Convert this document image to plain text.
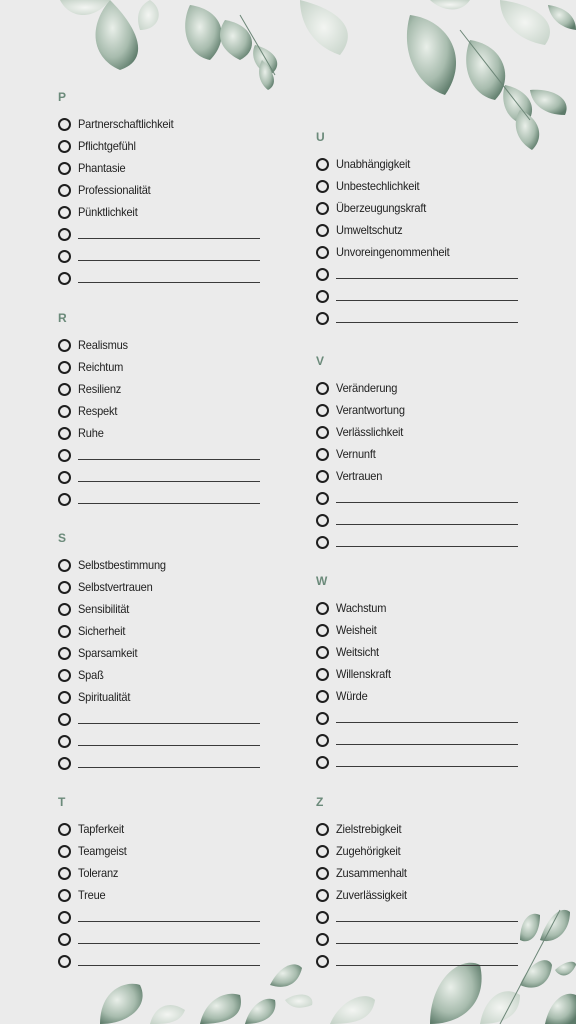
P
Partnerschaftlichkeit
Pflichtgefühl
Phantasie
Professionalität
Pünktlichkeit
R
Realismus
Reichtum
Resilienz
Respekt
Ruhe
S
Selbstbestimmung
Selbstvertrauen
Sensibilität
Sicherheit
Sparsamkeit
Spaß
Spiritualität
T
Tapferkeit
Teamgeist
Toleranz
Treue
U
Unabhängigkeit
Unbestechlichkeit
Überzeugungskraft
Umweltschutz
Unvoreingenommenheit
V
Veränderung
Verantwortung
Verlässlichkeit
Vernunft
Vertrauen
W
Wachstum
Weisheit
Weitsicht
Willenskraft
Würde
Z
Zielstrebigkeit
Zugehörigkeit
Zusammenhalt
Zuverlässigkeit
